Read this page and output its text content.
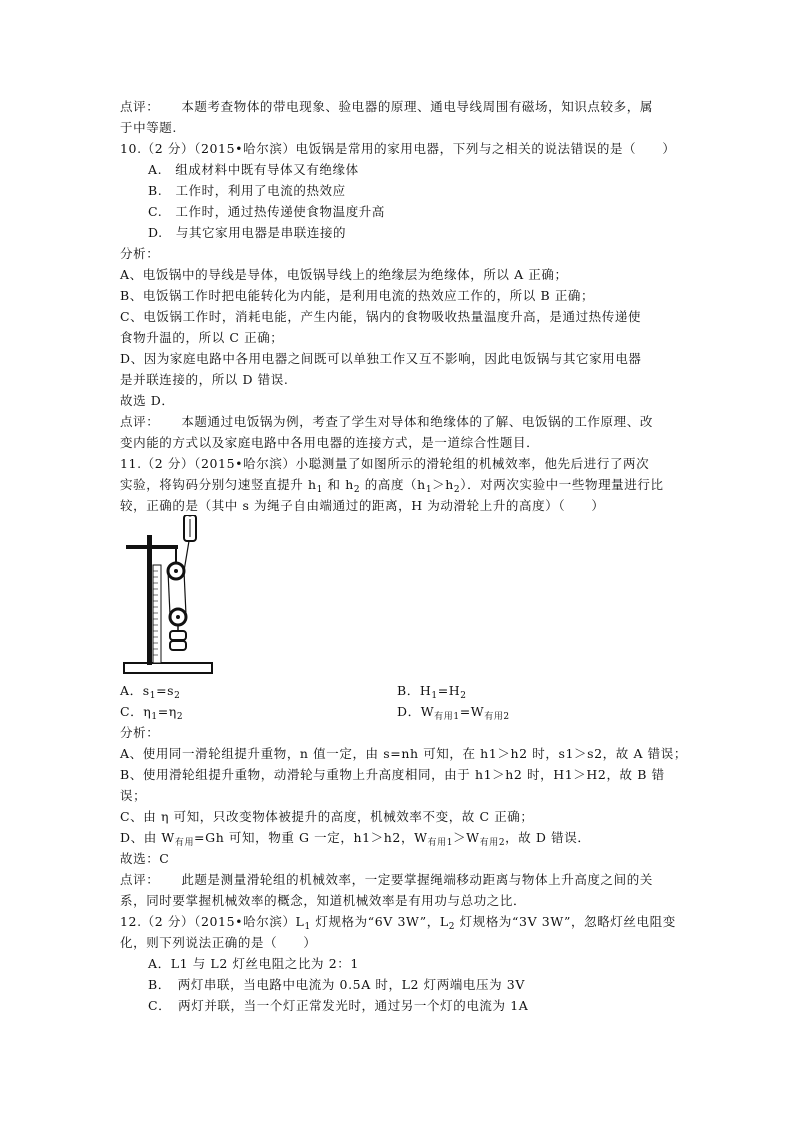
点评： 本题考查物体的带电现象、验电器的原理、通电导线周围有磁场，知识点较多，属
于中等题.
10.（2 分）（2015•哈尔滨）电饭锅是常用的家用电器，下列与之相关的说法错误的是（　　）
A.　组成材料中既有导体又有绝缘体
B.　工作时，利用了电流的热效应
C.　工作时，通过热传递使食物温度升高
D.　与其它家用电器是串联连接的
分析：
A、电饭锅中的导线是导体，电饭锅导线上的绝缘层为绝缘体，所以 A 正确；
B、电饭锅工作时把电能转化为内能，是利用电流的热效应工作的，所以 B 正确；
C、电饭锅工作时，消耗电能，产生内能，锅内的食物吸收热量温度升高，是通过热传递使
食物升温的，所以 C 正确；
D、因为家庭电路中各用电器之间既可以单独工作又互不影响，因此电饭锅与其它家用电器
是并联连接的，所以 D 错误.
故选 D．
点评： 本题通过电饭锅为例，考查了学生对导体和绝缘体的了解、电饭锅的工作原理、改
变内能的方式以及家庭电路中各用电器的连接方式，是一道综合性题目．
11.（2 分）（2015•哈尔滨）小聪测量了如图所示的滑轮组的机械效率，他先后进行了两次
实验，将钩码分别匀速竖直提升 $h_1$ 和 $h_2$ 的高度$(h_1>h_2)$．对两次实验中一些物理量进行比
较，正确的是（其中 s 为绳子自由端通过的距离，H 为动滑轮上升的高度）（　　）
A．$s_1=s_2$	B．$H_1=H_2$
C．$\eta_1=\eta_2$	D．$W_{有用1}=W_{有用2}$
分析：
A、使用同一滑轮组提升重物，n 值一定，由 s=nh 可知，在 h1＞h2 时，s1＞s2，故 A 错误；
B、使用滑轮组提升重物，动滑轮与重物上升高度相同，由于 h1＞h2 时，H1＞H2，故 B 错
误；
C、由 η 可知，只改变物体被提升的高度，机械效率不变，故 C 正确；
D、由 $W_{有用}=Gh$ 可知，物重 G 一定，h1＞h2，$W_{有用1}>W_{有用2}$，故 D 错误．
故选：C
点评： 此题是测量滑轮组的机械效率，一定要掌握绳端移动距离与物体上升高度之间的关
系，同时要掌握机械效率的概念，知道机械效率是有用功与总功之比．
12.（2 分）（2015•哈尔滨）$L_1$ 灯规格为“6V 3W”，$L_2$ 灯规格为“3V 3W”，忽略灯丝电阻变
化，则下列说法正确的是（　　）
A．L1 与 L2 灯丝电阻之比为 2：1
B．　两灯串联，当电路中电流为 0.5A 时，L2 灯两端电压为 3V
C．　两灯并联，当一个灯正常发光时，通过另一个灯的电流为 1A
